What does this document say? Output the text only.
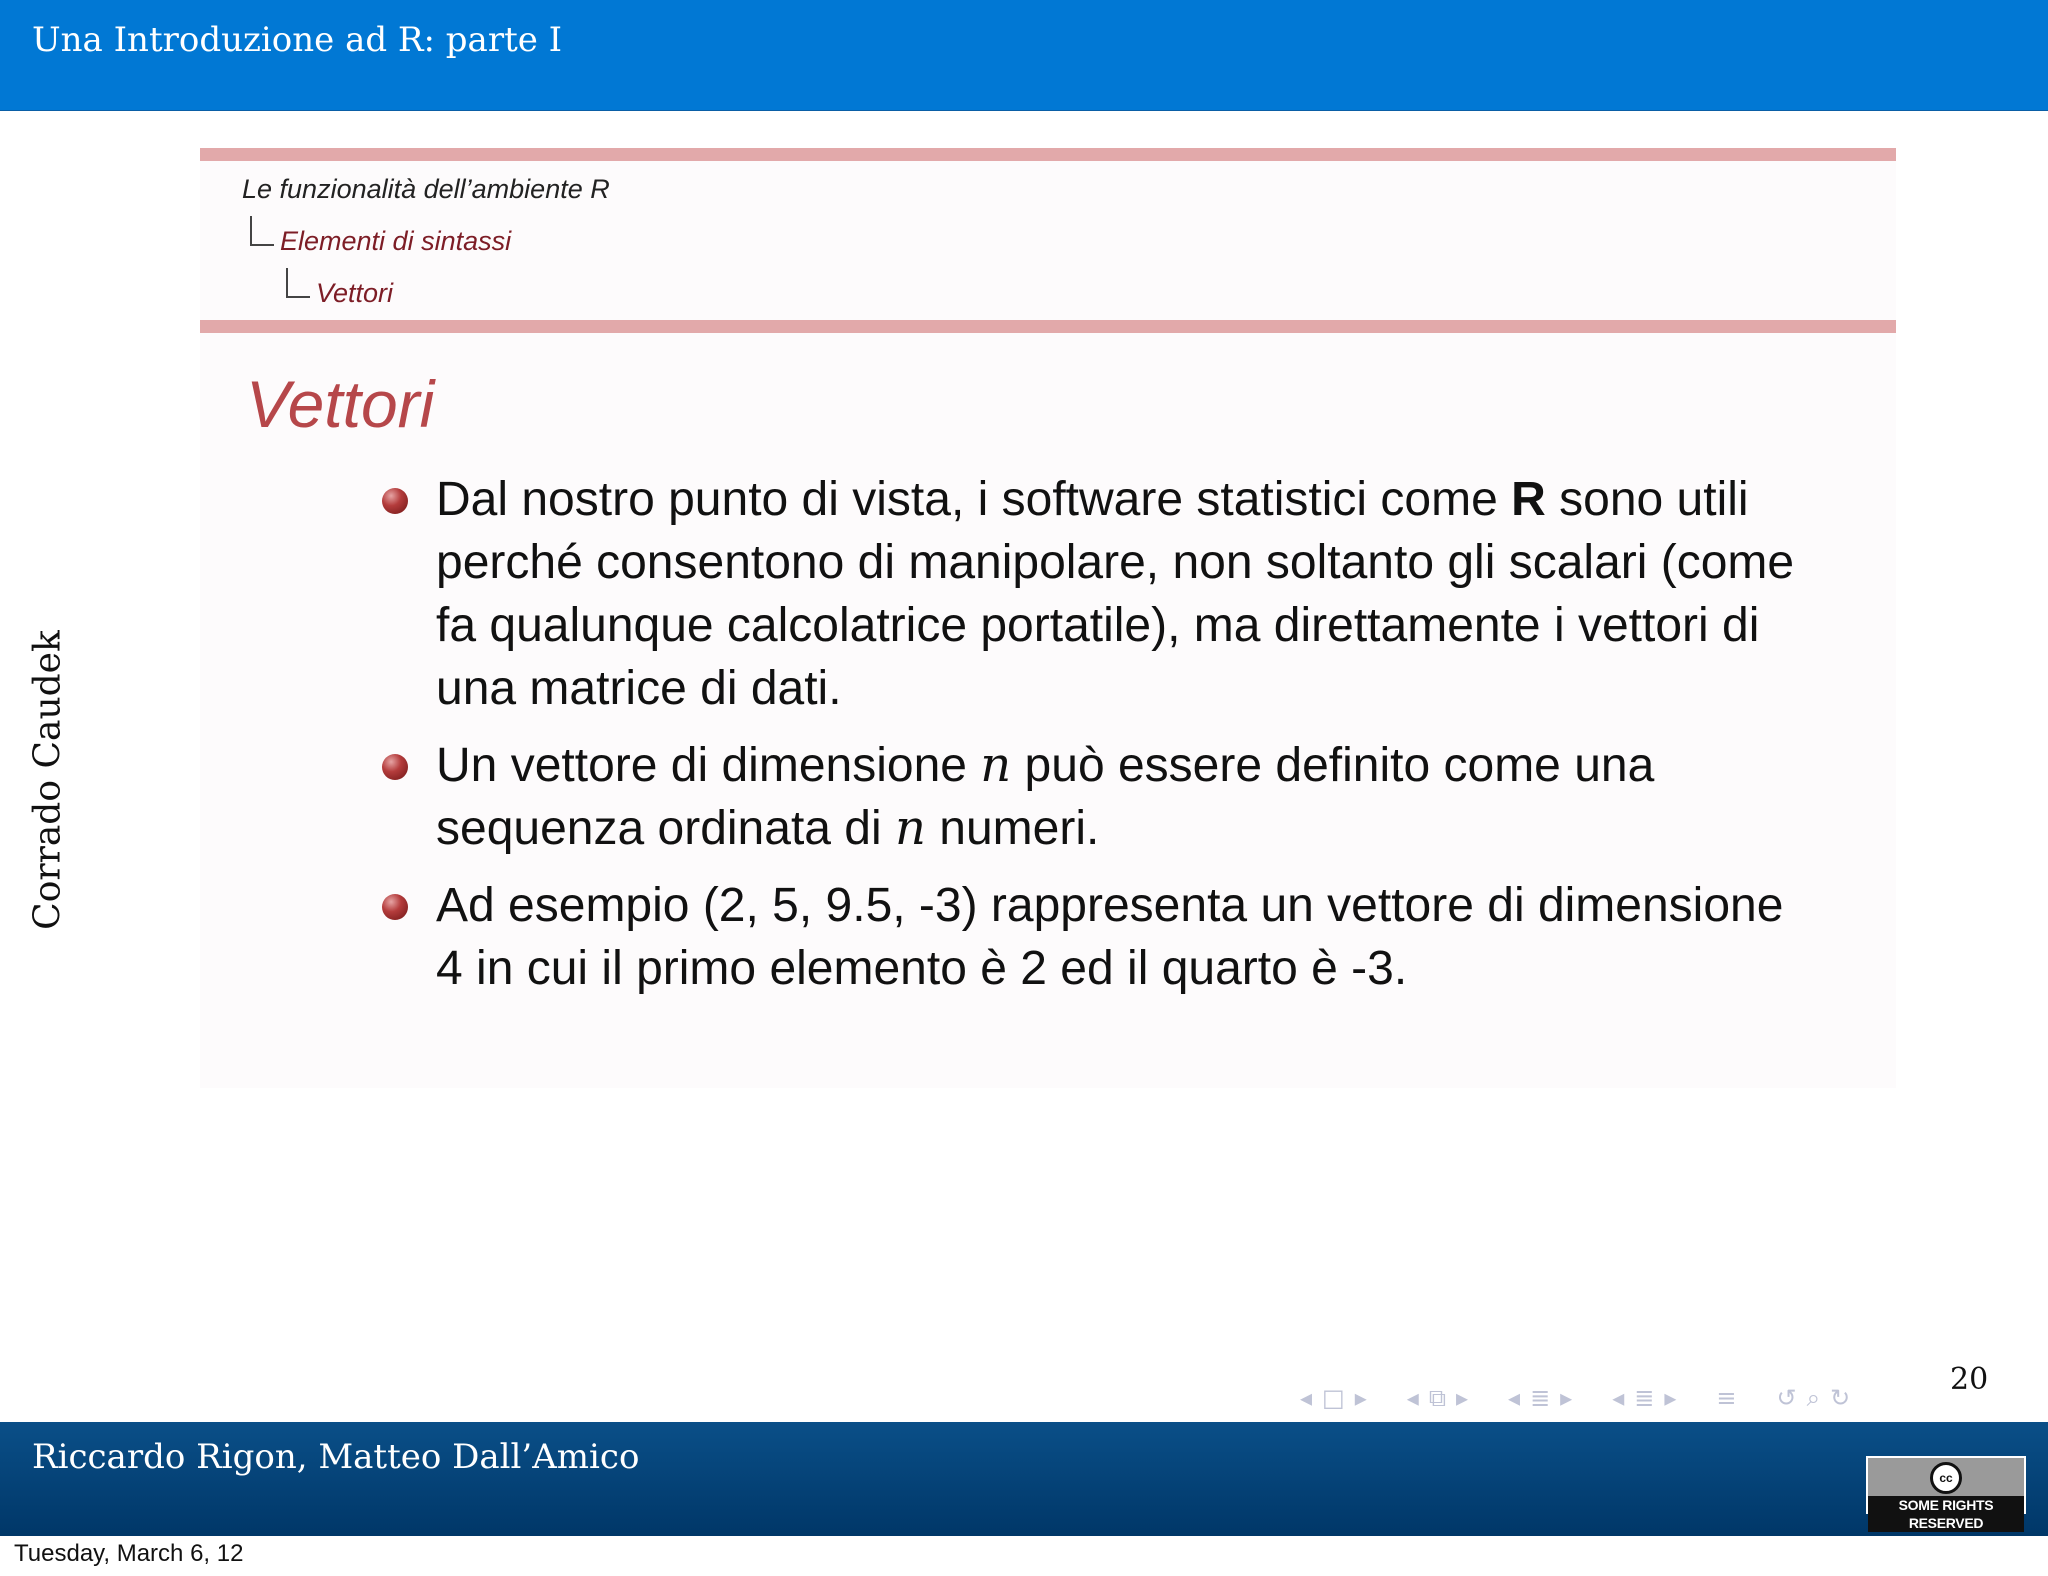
Una Introduzione ad R: parte I
Corrado Caudek
Le funzionalità dell’ambiente R
Elementi di sintassi
Vettori
Vettori
Dal nostro punto di vista, i software statistici come R sono utili perché consentono di manipolare, non soltanto gli scalari (come fa qualunque calcolatrice portatile), ma direttamente i vettori di una matrice di dati.
Un vettore di dimensione n può essere definito come una sequenza ordinata di n numeri.
Ad esempio (2, 5, 9.5, -3) rappresenta un vettore di dimensione 4 in cui il primo elemento è 2 ed il quarto è -3.
20
◂ □ ▸ ◂ ⧉ ▸ ◂ ≣ ▸ ◂ ≣ ▸ ≡ ↺ ⌕ ↻
Riccardo Rigon, Matteo Dall’Amico
cc
SOME RIGHTS RESERVED
Tuesday, March 6, 12
